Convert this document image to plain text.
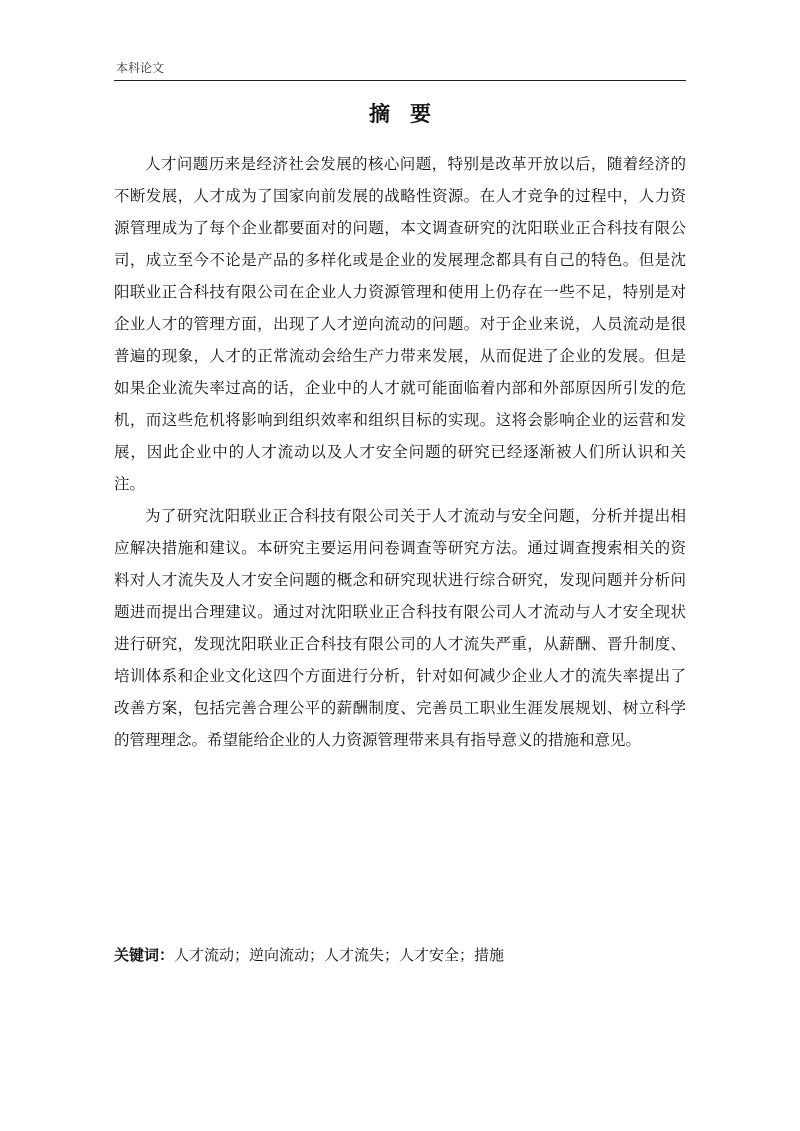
本科论文
摘要

人才问题历来是经济社会发展的核心问题，特别是改革开放以后，随着经济的不断发展，人才成为了国家向前发展的战略性资源。在人才竞争的过程中，人力资源管理成为了每个企业都要面对的问题，本文调查研究的沈阳联业正合科技有限公司，成立至今不论是产品的多样化或是企业的发展理念都具有自己的特色。但是沈阳联业正合科技有限公司在企业人力资源管理和使用上仍存在一些不足，特别是对企业人才的管理方面，出现了人才逆向流动的问题。对于企业来说，人员流动是很普遍的现象，人才的正常流动会给生产力带来发展，从而促进了企业的发展。但是如果企业流失率过高的话，企业中的人才就可能面临着内部和外部原因所引发的危机，而这些危机将影响到组织效率和组织目标的实现。这将会影响企业的运营和发展，因此企业中的人才流动以及人才安全问题的研究已经逐渐被人们所认识和关注。

为了研究沈阳联业正合科技有限公司关于人才流动与安全问题，分析并提出相应解决措施和建议。本研究主要运用问卷调查等研究方法。通过调查搜索相关的资料对人才流失及人才安全问题的概念和研究现状进行综合研究，发现问题并分析问题进而提出合理建议。通过对沈阳联业正合科技有限公司人才流动与人才安全现状进行研究，发现沈阳联业正合科技有限公司的人才流失严重，从薪酬、晋升制度、培训体系和企业文化这四个方面进行分析，针对如何减少企业人才的流失率提出了改善方案，包括完善合理公平的薪酬制度、完善员工职业生涯发展规划、树立科学的管理理念。希望能给企业的人力资源管理带来具有指导意义的措施和意见。

关键词：人才流动；逆向流动；人才流失；人才安全；措施
